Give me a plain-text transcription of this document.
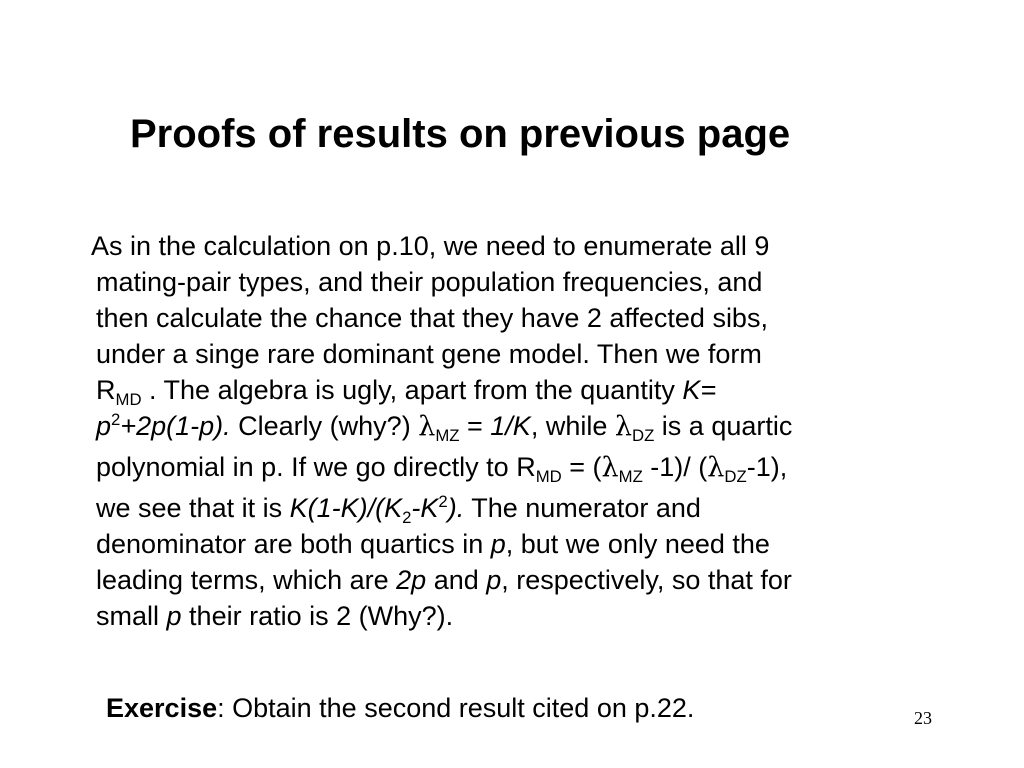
Proofs of results on previous page
As in the calculation on p.10, we need to enumerate all 9
mating-pair types, and their population frequencies, and
then calculate the chance that they have 2 affected sibs,
under a singe rare dominant gene model. Then we form
$R_{MD}$ . The algebra is ugly, apart from the quantity K=
$p^2+2p(1-p)$. Clearly (why?) $\lambda_{MZ} = 1/K$, while $\lambda_{DZ}$ is a quartic
polynomial in p. If we go directly to $R_{MD} = (\lambda_{MZ}$ -1)/ $(\lambda_{DZ}-1)$,
we see that it is $K(1-K)/(K_2-K^2)$. The numerator and
denominator are both quartics in p, but we only need the
leading terms, which are 2p and p, respectively, so that for
small p their ratio is 2 (Why?).
Exercise: Obtain the second result cited on p.22.	23
